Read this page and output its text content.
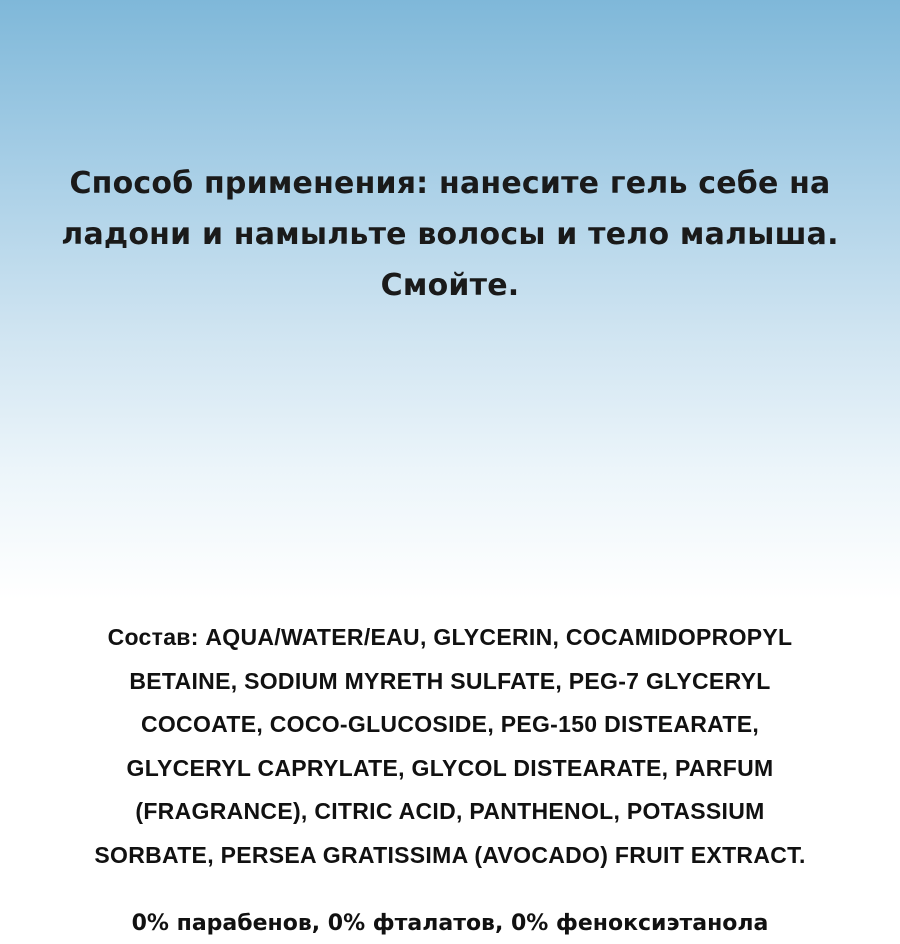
Способ применения: нанесите гель себе на
ладони и намыльте волосы и тело малыша.
Смойте.
Состав: AQUA/WATER/EAU, GLYCERIN, COCAMIDOPROPYL
BETAINE, SODIUM MYRETH SULFATE, PEG-7 GLYCERYL
COCOATE, COCO-GLUCOSIDE, PEG-150 DISTEARATE,
GLYCERYL CAPRYLATE, GLYCOL DISTEARATE, PARFUM
(FRAGRANCE), CITRIC ACID, PANTHENOL, POTASSIUM
SORBATE, PERSEA GRATISSIMA (AVOCADO) FRUIT EXTRACT.
0% парабенов, 0% фталатов, 0% феноксиэтанола
